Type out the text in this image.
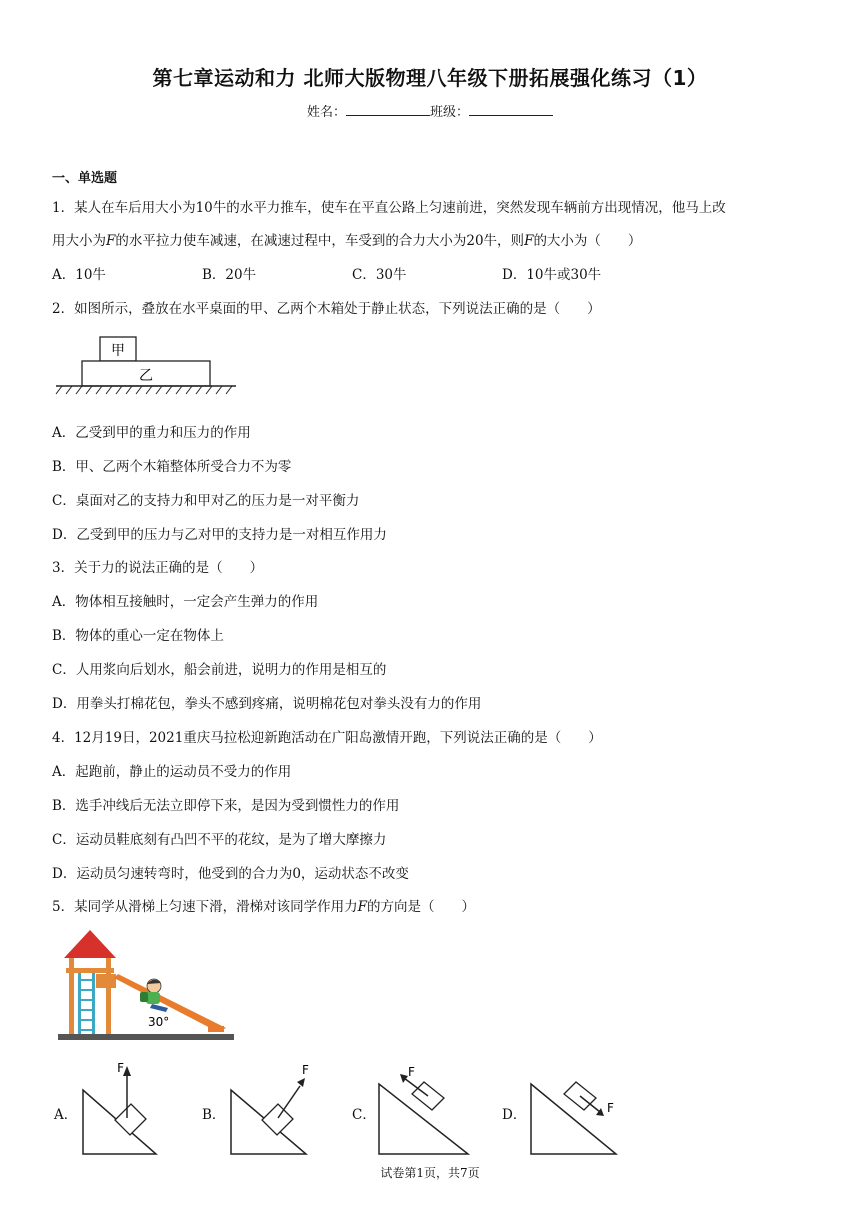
第七章运动和力 北师大版物理八年级下册拓展强化练习（1）
姓名：	班级：
一、单选题
1．某人在车后用大小为10牛的水平力推车，使车在平直公路上匀速前进，突然发现车辆前方出现情况，他马上改
用大小为F的水平拉力使车减速，在减速过程中，车受到的合力大小为20牛，则F的大小为（　　）
A．10牛	B．20牛	C．30牛	D．10牛或30牛
2．如图所示，叠放在水平桌面的甲、乙两个木箱处于静止状态，下列说法正确的是（　　）
甲
乙
A．乙受到甲的重力和压力的作用
B．甲、乙两个木箱整体所受合力不为零
C．桌面对乙的支持力和甲对乙的压力是一对平衡力
D．乙受到甲的压力与乙对甲的支持力是一对相互作用力
3．关于力的说法正确的是（　　）
A．物体相互接触时，一定会产生弹力的作用
B．物体的重心一定在物体上
C．人用浆向后划水，船会前进，说明力的作用是相互的
D．用拳头打棉花包，拳头不感到疼痛，说明棉花包对拳头没有力的作用
4．12月19日，2021重庆马拉松迎新跑活动在广阳岛激情开跑，下列说法正确的是（　　）
A．起跑前，静止的运动员不受力的作用
B．选手冲线后无法立即停下来，是因为受到惯性力的作用
C．运动员鞋底刻有凸凹不平的花纹，是为了增大摩擦力
D．运动员匀速转弯时，他受到的合力为0，运动状态不改变
5．某同学从滑梯上匀速下滑，滑梯对该同学作用力F的方向是（　　）
30°
A．
F
B．
F
C．
F
D．	F
试卷第1页，共7页
